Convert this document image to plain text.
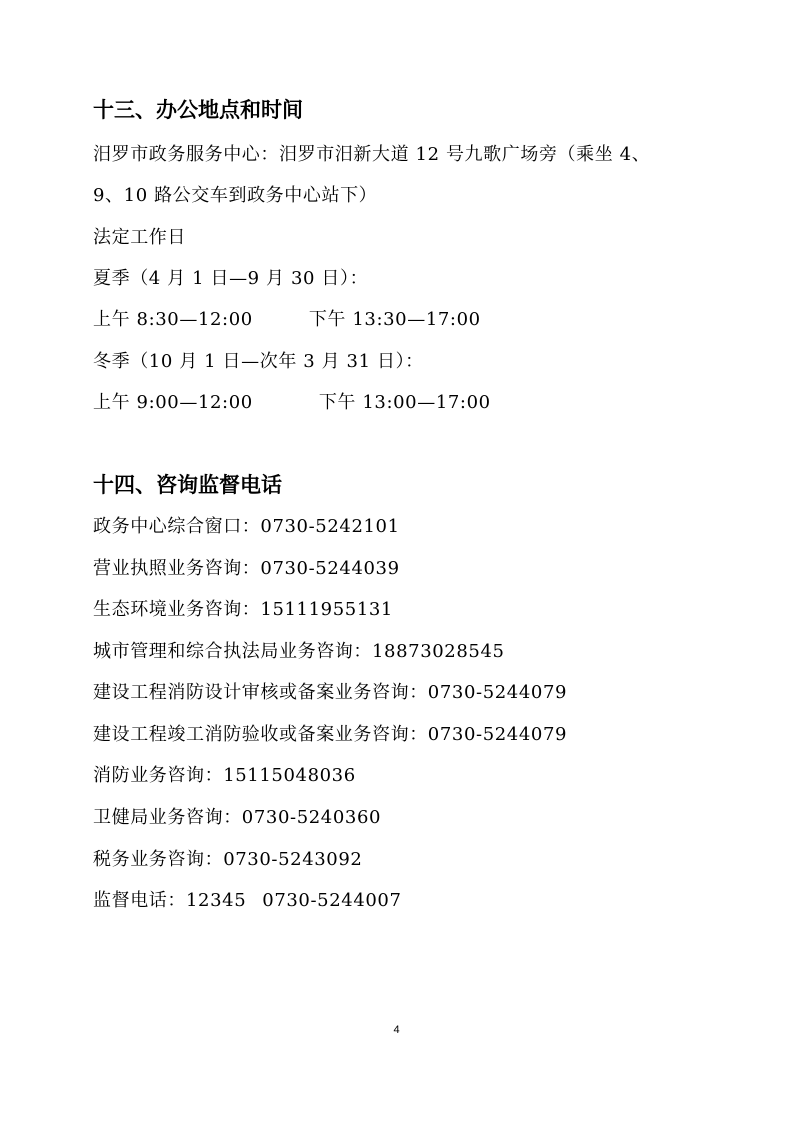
十三、办公地点和时间
汨罗市政务服务中心：汨罗市汨新大道 12 号九歌广场旁（乘坐 4、
9、10 路公交车到政务中心站下）
法定工作日
夏季（4 月 1 日—9 月 30 日）：
上午 8:30—12:00	下午 13:30—17:00
冬季（10 月 1 日—次年 3 月 31 日）：
上午 9:00—12:00	下午 13:00—17:00
十四、咨询监督电话
政务中心综合窗口：0730-5242101
营业执照业务咨询：0730-5244039
生态环境业务咨询：15111955131
城市管理和综合执法局业务咨询：18873028545
建设工程消防设计审核或备案业务咨询：0730-5244079
建设工程竣工消防验收或备案业务咨询：0730-5244079
消防业务咨询：15115048036
卫健局业务咨询：0730-5240360
税务业务咨询：0730-5243092
监督电话：12345 0730-5244007
4
